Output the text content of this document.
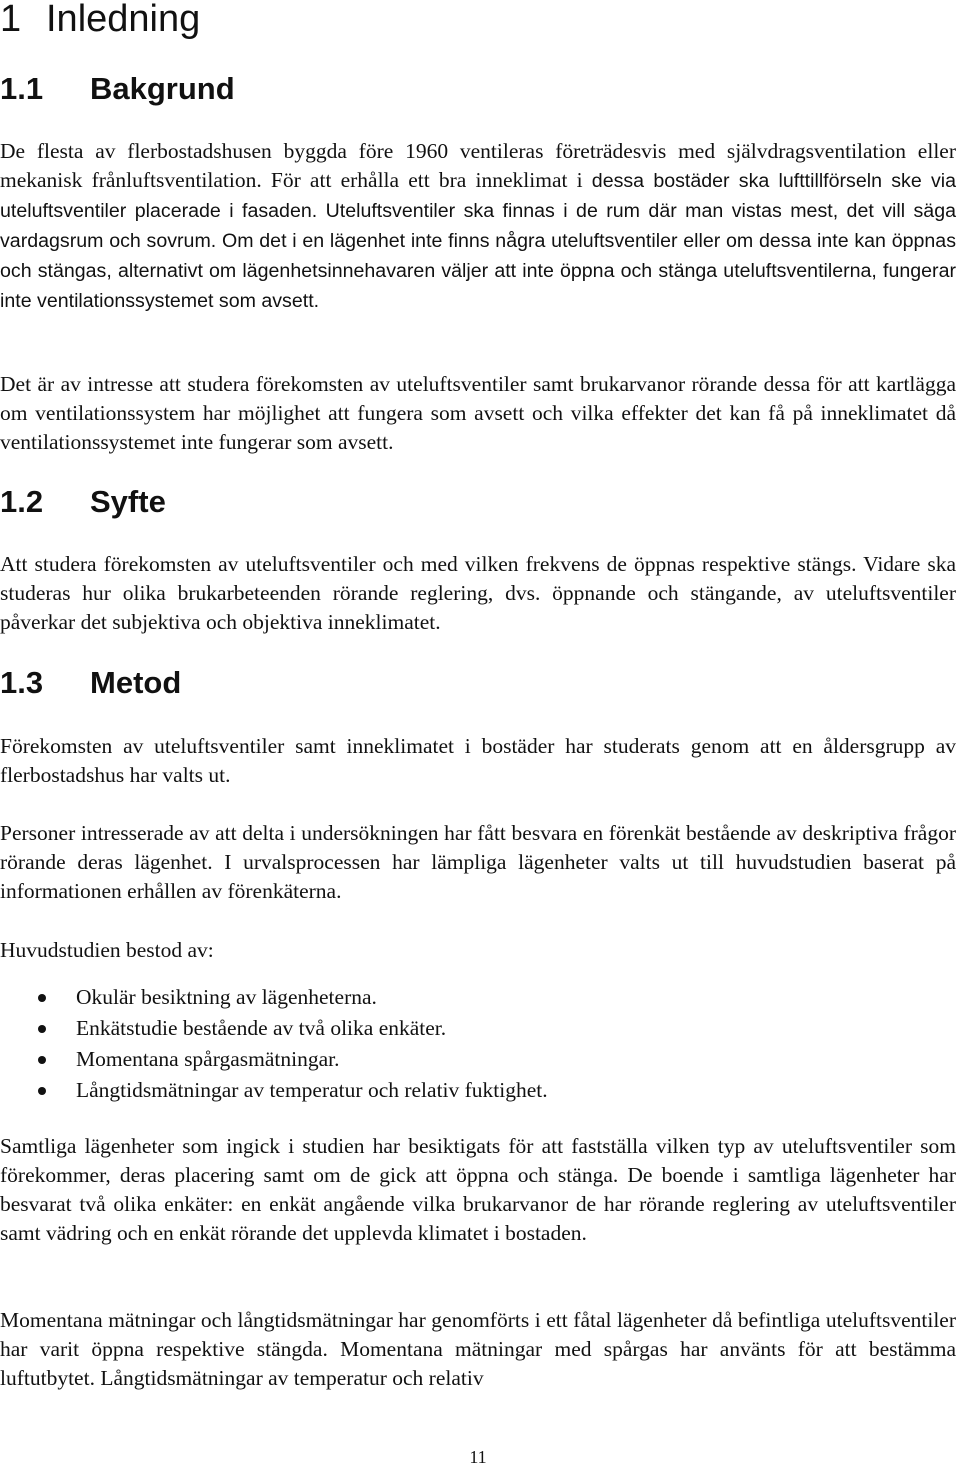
1 Inledning
1.1 Bakgrund

De flesta av flerbostadshusen byggda före 1960 ventileras företrädesvis med självdragsventilation eller mekanisk frånluftsventilation. För att erhålla ett bra inneklimat i dessa bostäder ska lufttillförseln ske via uteluftsventiler placerade i fasaden. Uteluftsventiler ska finnas i de rum där man vistas mest, det vill säga vardagsrum och sovrum. Om det i en lägenhet inte finns några uteluftsventiler eller om dessa inte kan öppnas och stängas, alternativt om lägenhetsinnehavaren väljer att inte öppna och stänga uteluftsventilerna, fungerar inte ventilationssystemet som avsett.

Det är av intresse att studera förekomsten av uteluftsventiler samt brukarvanor rörande dessa för att kartlägga om ventilationssystem har möjlighet att fungera som avsett och vilka effekter det kan få på inneklimatet då ventilationssystemet inte fungerar som avsett.

1.2 Syfte

Att studera förekomsten av uteluftsventiler och med vilken frekvens de öppnas respektive stängs. Vidare ska studeras hur olika brukarbeteenden rörande reglering, dvs. öppnande och stängande, av uteluftsventiler påverkar det subjektiva och objektiva inneklimatet.

1.3 Metod

Förekomsten av uteluftsventiler samt inneklimatet i bostäder har studerats genom att en åldersgrupp av flerbostadshus har valts ut.

Personer intresserade av att delta i undersökningen har fått besvara en förenkät bestående av deskriptiva frågor rörande deras lägenhet. I urvalsprocessen har lämpliga lägenheter valts ut till huvudstudien baserat på informationen erhållen av förenkäterna.

Huvudstudien bestod av:

Okulär besiktning av lägenheterna.
Enkätstudie bestående av två olika enkäter.
Momentana spårgasmätningar.
Långtidsmätningar av temperatur och relativ fuktighet.

Samtliga lägenheter som ingick i studien har besiktigats för att fastställa vilken typ av uteluftsventiler som förekommer, deras placering samt om de gick att öppna och stänga. De boende i samtliga lägenheter har besvarat två olika enkäter: en enkät angående vilka brukarvanor de har rörande reglering av uteluftsventiler samt vädring och en enkät rörande det upplevda klimatet i bostaden.

Momentana mätningar och långtidsmätningar har genomförts i ett fåtal lägenheter då befintliga uteluftsventiler har varit öppna respektive stängda. Momentana mätningar med spårgas har använts för att bestämma luftutbytet. Långtidsmätningar av temperatur och relativ

11
